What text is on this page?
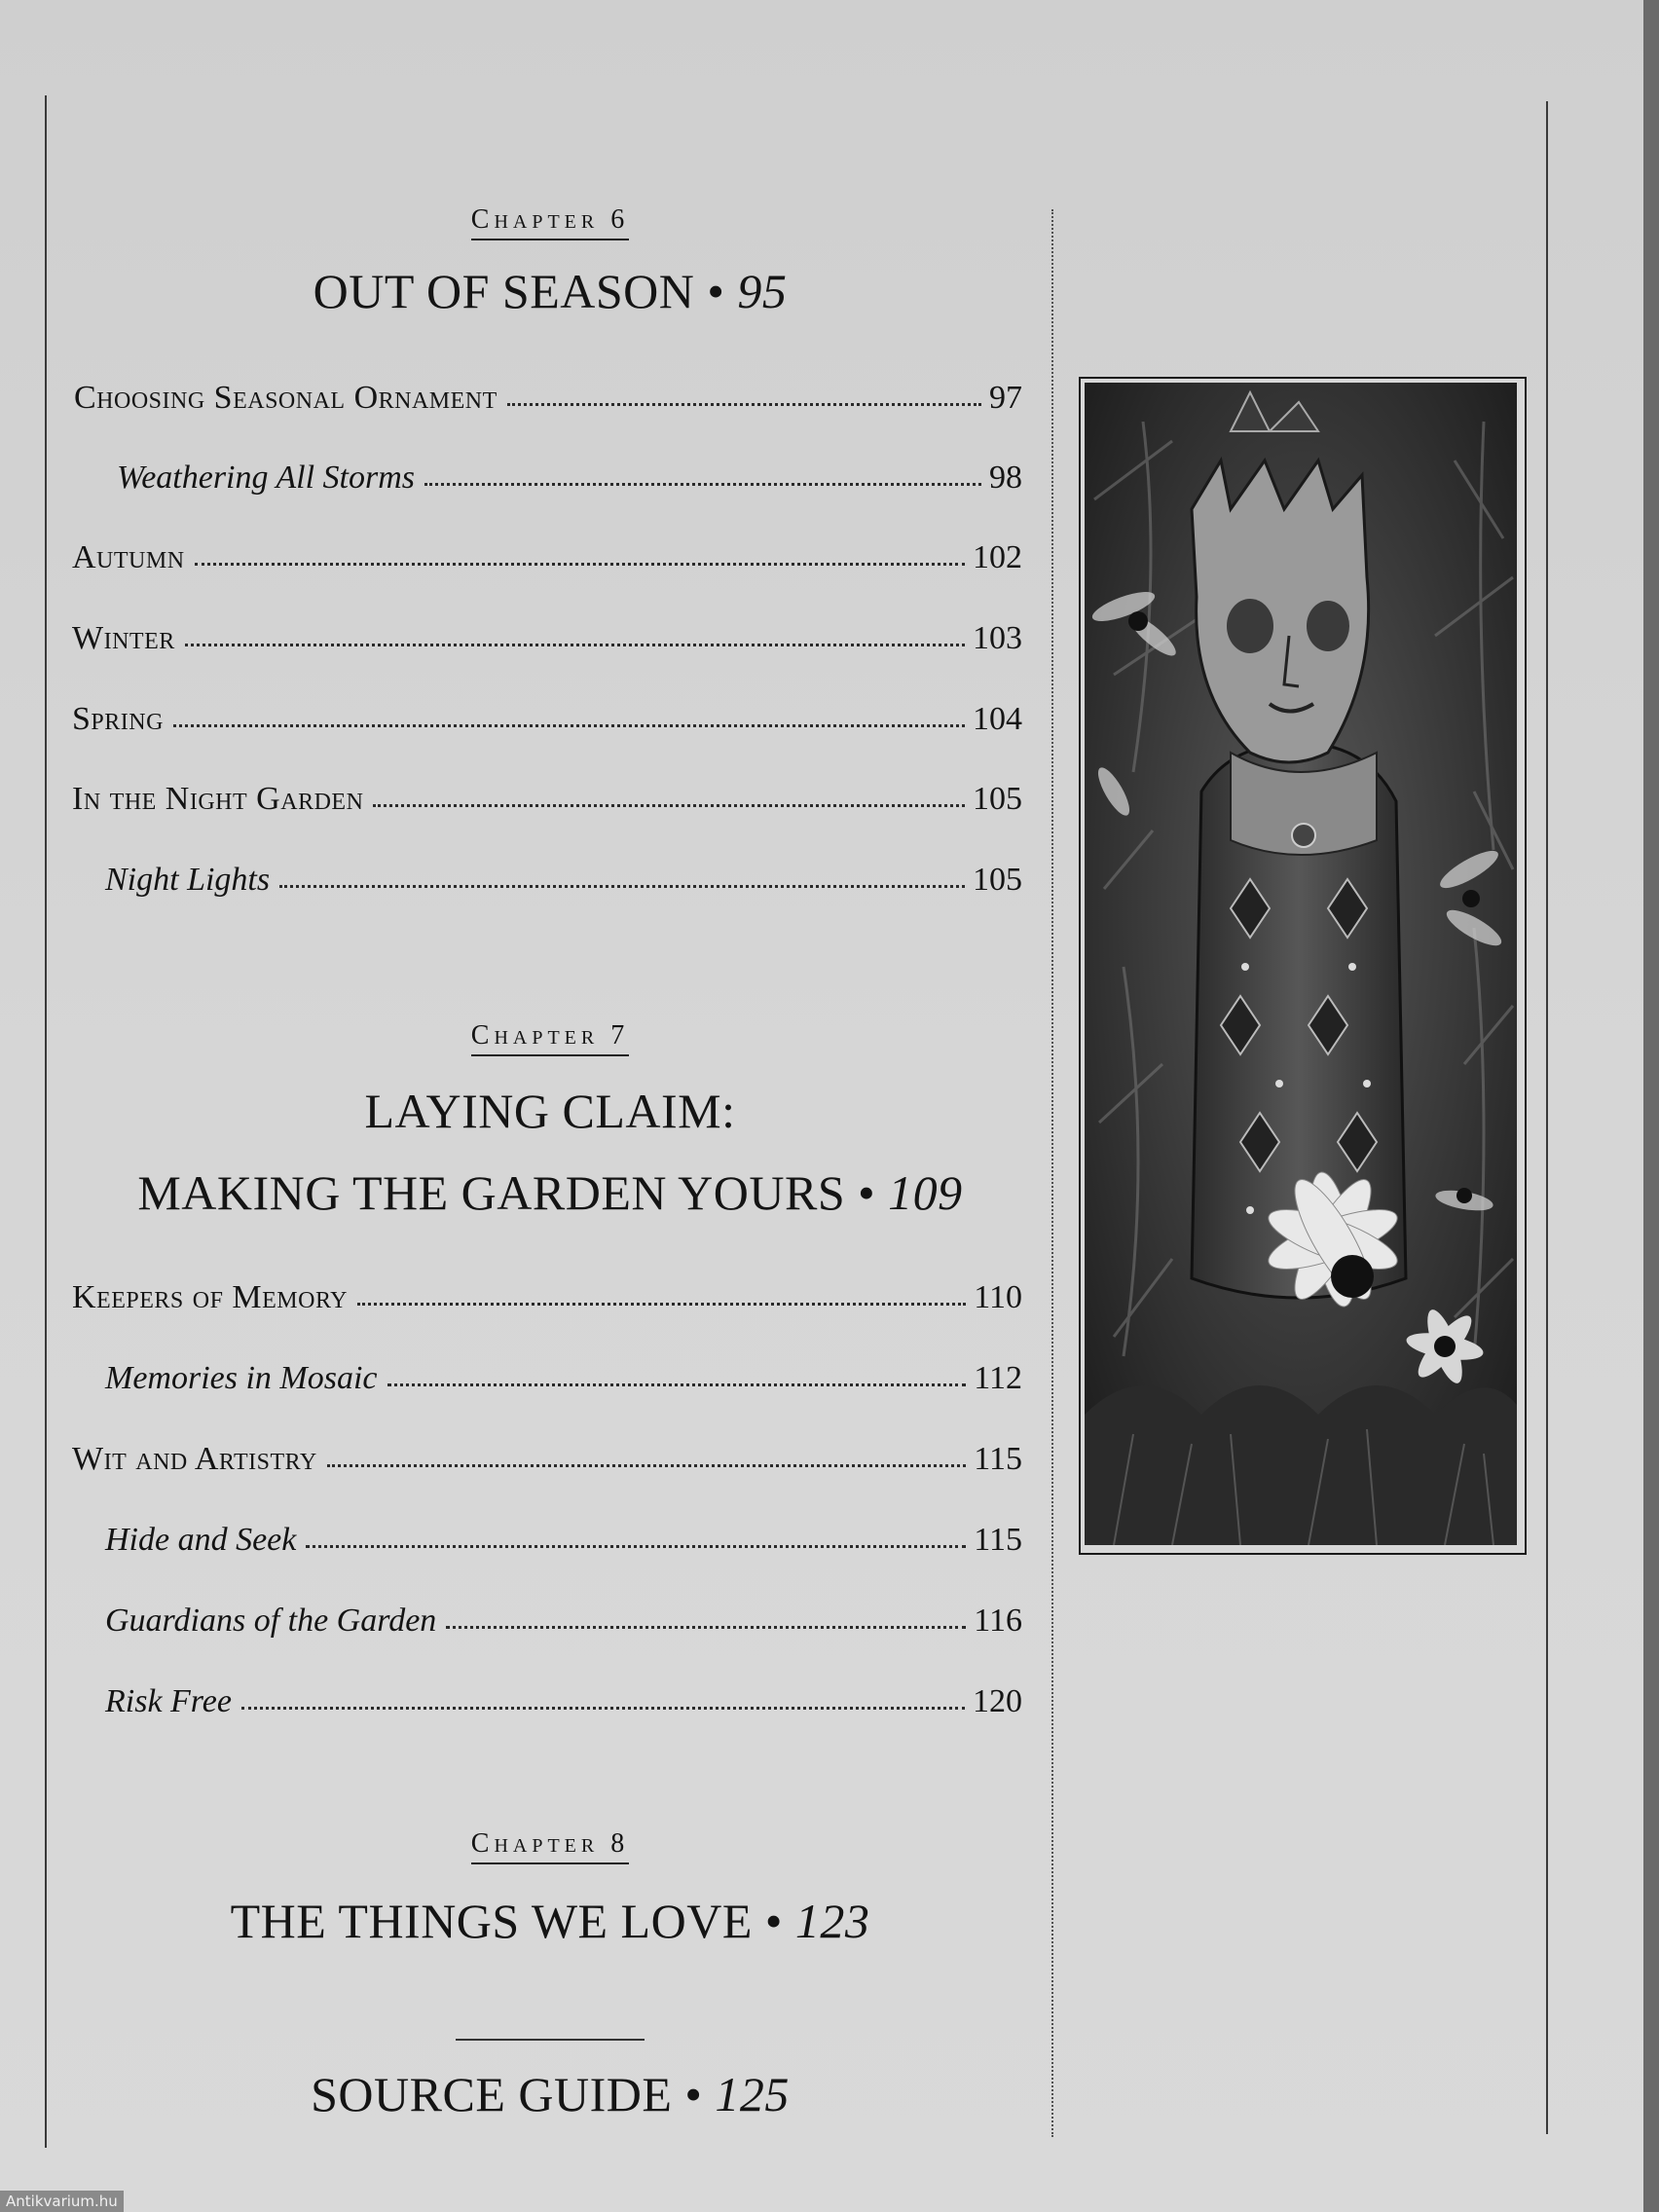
Chapter 6
OUT OF SEASON • 95
Choosing Seasonal Ornament	97
Weathering All Storms	98
Autumn	102
Winter	103
Spring	104
In the Night Garden	105
Night Lights	105
Chapter 7
LAYING CLAIM:
MAKING THE GARDEN YOURS • 109
Keepers of Memory	110
Memories in Mosaic	112
Wit and Artistry	115
Hide and Seek	115
Guardians of the Garden	116
Risk Free	120
Chapter 8
THE THINGS WE LOVE • 123
SOURCE GUIDE • 125
Antikvarium.hu
